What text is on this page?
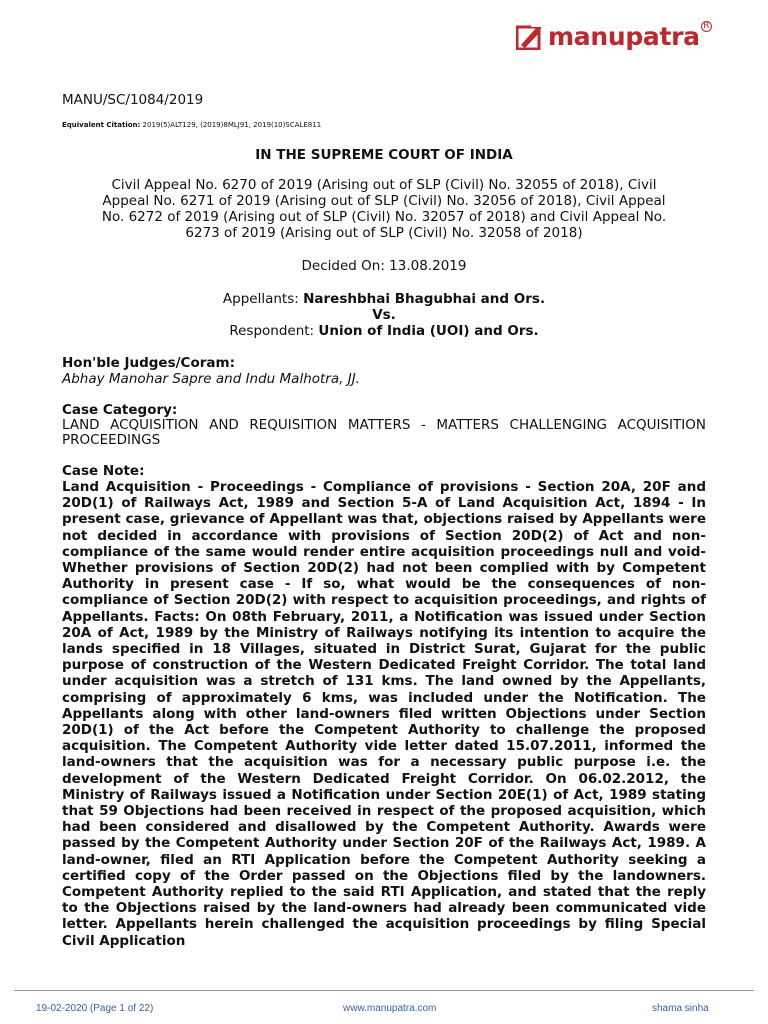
manupatra R
MANU/SC/1084/2019
Equivalent Citation: 2019(5)ALT129, (2019)8MLJ91, 2019(10)SCALE811
IN THE SUPREME COURT OF INDIA
Civil Appeal No. 6270 of 2019 (Arising out of SLP (Civil) No. 32055 of 2018), Civil
Appeal No. 6271 of 2019 (Arising out of SLP (Civil) No. 32056 of 2018), Civil Appeal
No. 6272 of 2019 (Arising out of SLP (Civil) No. 32057 of 2018) and Civil Appeal No.
6273 of 2019 (Arising out of SLP (Civil) No. 32058 of 2018)
Decided On: 13.08.2019
Appellants: Nareshbhai Bhagubhai and Ors.
Vs.
Respondent: Union of India (UOI) and Ors.
Hon'ble Judges/Coram:
Abhay Manohar Sapre and Indu Malhotra, JJ.
Case Category:
LAND ACQUISITION AND REQUISITION MATTERS - MATTERS CHALLENGING ACQUISITION PROCEEDINGS
Case Note:
Land Acquisition - Proceedings - Compliance of provisions - Section 20A, 20F and 20D(1) of Railways Act, 1989 and Section 5-A of Land Acquisition Act, 1894 - In present case, grievance of Appellant was that, objections raised by Appellants were not decided in accordance with provisions of Section 20D(2) of Act and non-compliance of the same would render entire acquisition proceedings null and void- Whether provisions of Section 20D(2) had not been complied with by Competent Authority in present case - If so, what would be the consequences of non-compliance of Section 20D(2) with respect to acquisition proceedings, and rights of Appellants. Facts: On 08th February, 2011, a Notification was issued under Section 20A of Act, 1989 by the Ministry of Railways notifying its intention to acquire the lands specified in 18 Villages, situated in District Surat, Gujarat for the public purpose of construction of the Western Dedicated Freight Corridor. The total land under acquisition was a stretch of 131 kms. The land owned by the Appellants, comprising of approximately 6 kms, was included under the Notification. The Appellants along with other land-owners filed written Objections under Section 20D(1) of the Act before the Competent Authority to challenge the proposed acquisition. The Competent Authority vide letter dated 15.07.2011, informed the land-owners that the acquisition was for a necessary public purpose i.e. the development of the Western Dedicated Freight Corridor. On 06.02.2012, the Ministry of Railways issued a Notification under Section 20E(1) of Act, 1989 stating that 59 Objections had been received in respect of the proposed acquisition, which had been considered and disallowed by the Competent Authority. Awards were passed by the Competent Authority under Section 20F of the Railways Act, 1989. A land-owner, filed an RTI Application before the Competent Authority seeking a certified copy of the Order passed on the Objections filed by the landowners. Competent Authority replied to the said RTI Application, and stated that the reply to the Objections raised by the land-owners had already been communicated vide letter. Appellants herein challenged the acquisition proceedings by filing Special Civil Application
19-02-2020 (Page 1 of 22)	www.manupatra.com	shama sinha
